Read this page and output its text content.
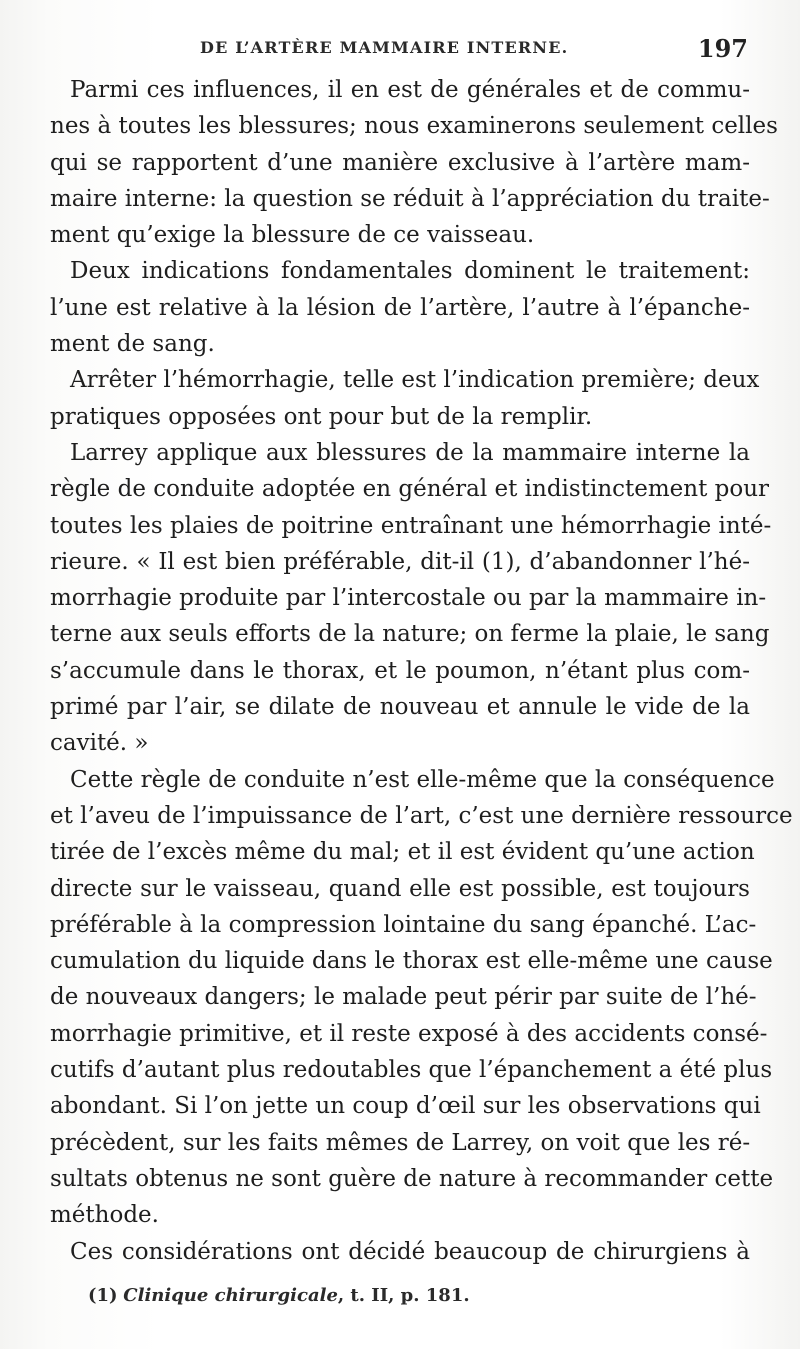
DE L’ARTÈRE MAMMAIRE INTERNE.	197
Parmi ces influences, il en est de générales et de commu-
nes à toutes les blessures; nous examinerons seulement celles
qui se rapportent d’une manière exclusive à l’artère mam-
maire interne: la question se réduit à l’appréciation du traite-
ment qu’exige la blessure de ce vaisseau.
Deux indications fondamentales dominent le traitement:
l’une est relative à la lésion de l’artère, l’autre à l’épanche-
ment de sang.
Arrêter l’hémorrhagie, telle est l’indication première; deux
pratiques opposées ont pour but de la remplir.
Larrey applique aux blessures de la mammaire interne la
règle de conduite adoptée en général et indistinctement pour
toutes les plaies de poitrine entraînant une hémorrhagie inté-
rieure. « Il est bien préférable, dit-il (1), d’abandonner l’hé-
morrhagie produite par l’intercostale ou par la mammaire in-
terne aux seuls efforts de la nature; on ferme la plaie, le sang
s’accumule dans le thorax, et le poumon, n’étant plus com-
primé par l’air, se dilate de nouveau et annule le vide de la
cavité. »
Cette règle de conduite n’est elle-même que la conséquence
et l’aveu de l’impuissance de l’art, c’est une dernière ressource
tirée de l’excès même du mal; et il est évident qu’une action
directe sur le vaisseau, quand elle est possible, est toujours
préférable à la compression lointaine du sang épanché. L’ac-
cumulation du liquide dans le thorax est elle-même une cause
de nouveaux dangers; le malade peut périr par suite de l’hé-
morrhagie primitive, et il reste exposé à des accidents consé-
cutifs d’autant plus redoutables que l’épanchement a été plus
abondant. Si l’on jette un coup d’œil sur les observations qui
précèdent, sur les faits mêmes de Larrey, on voit que les ré-
sultats obtenus ne sont guère de nature à recommander cette
méthode.
Ces considérations ont décidé beaucoup de chirurgiens à
(1) Clinique chirurgicale, t. II, p. 181.
